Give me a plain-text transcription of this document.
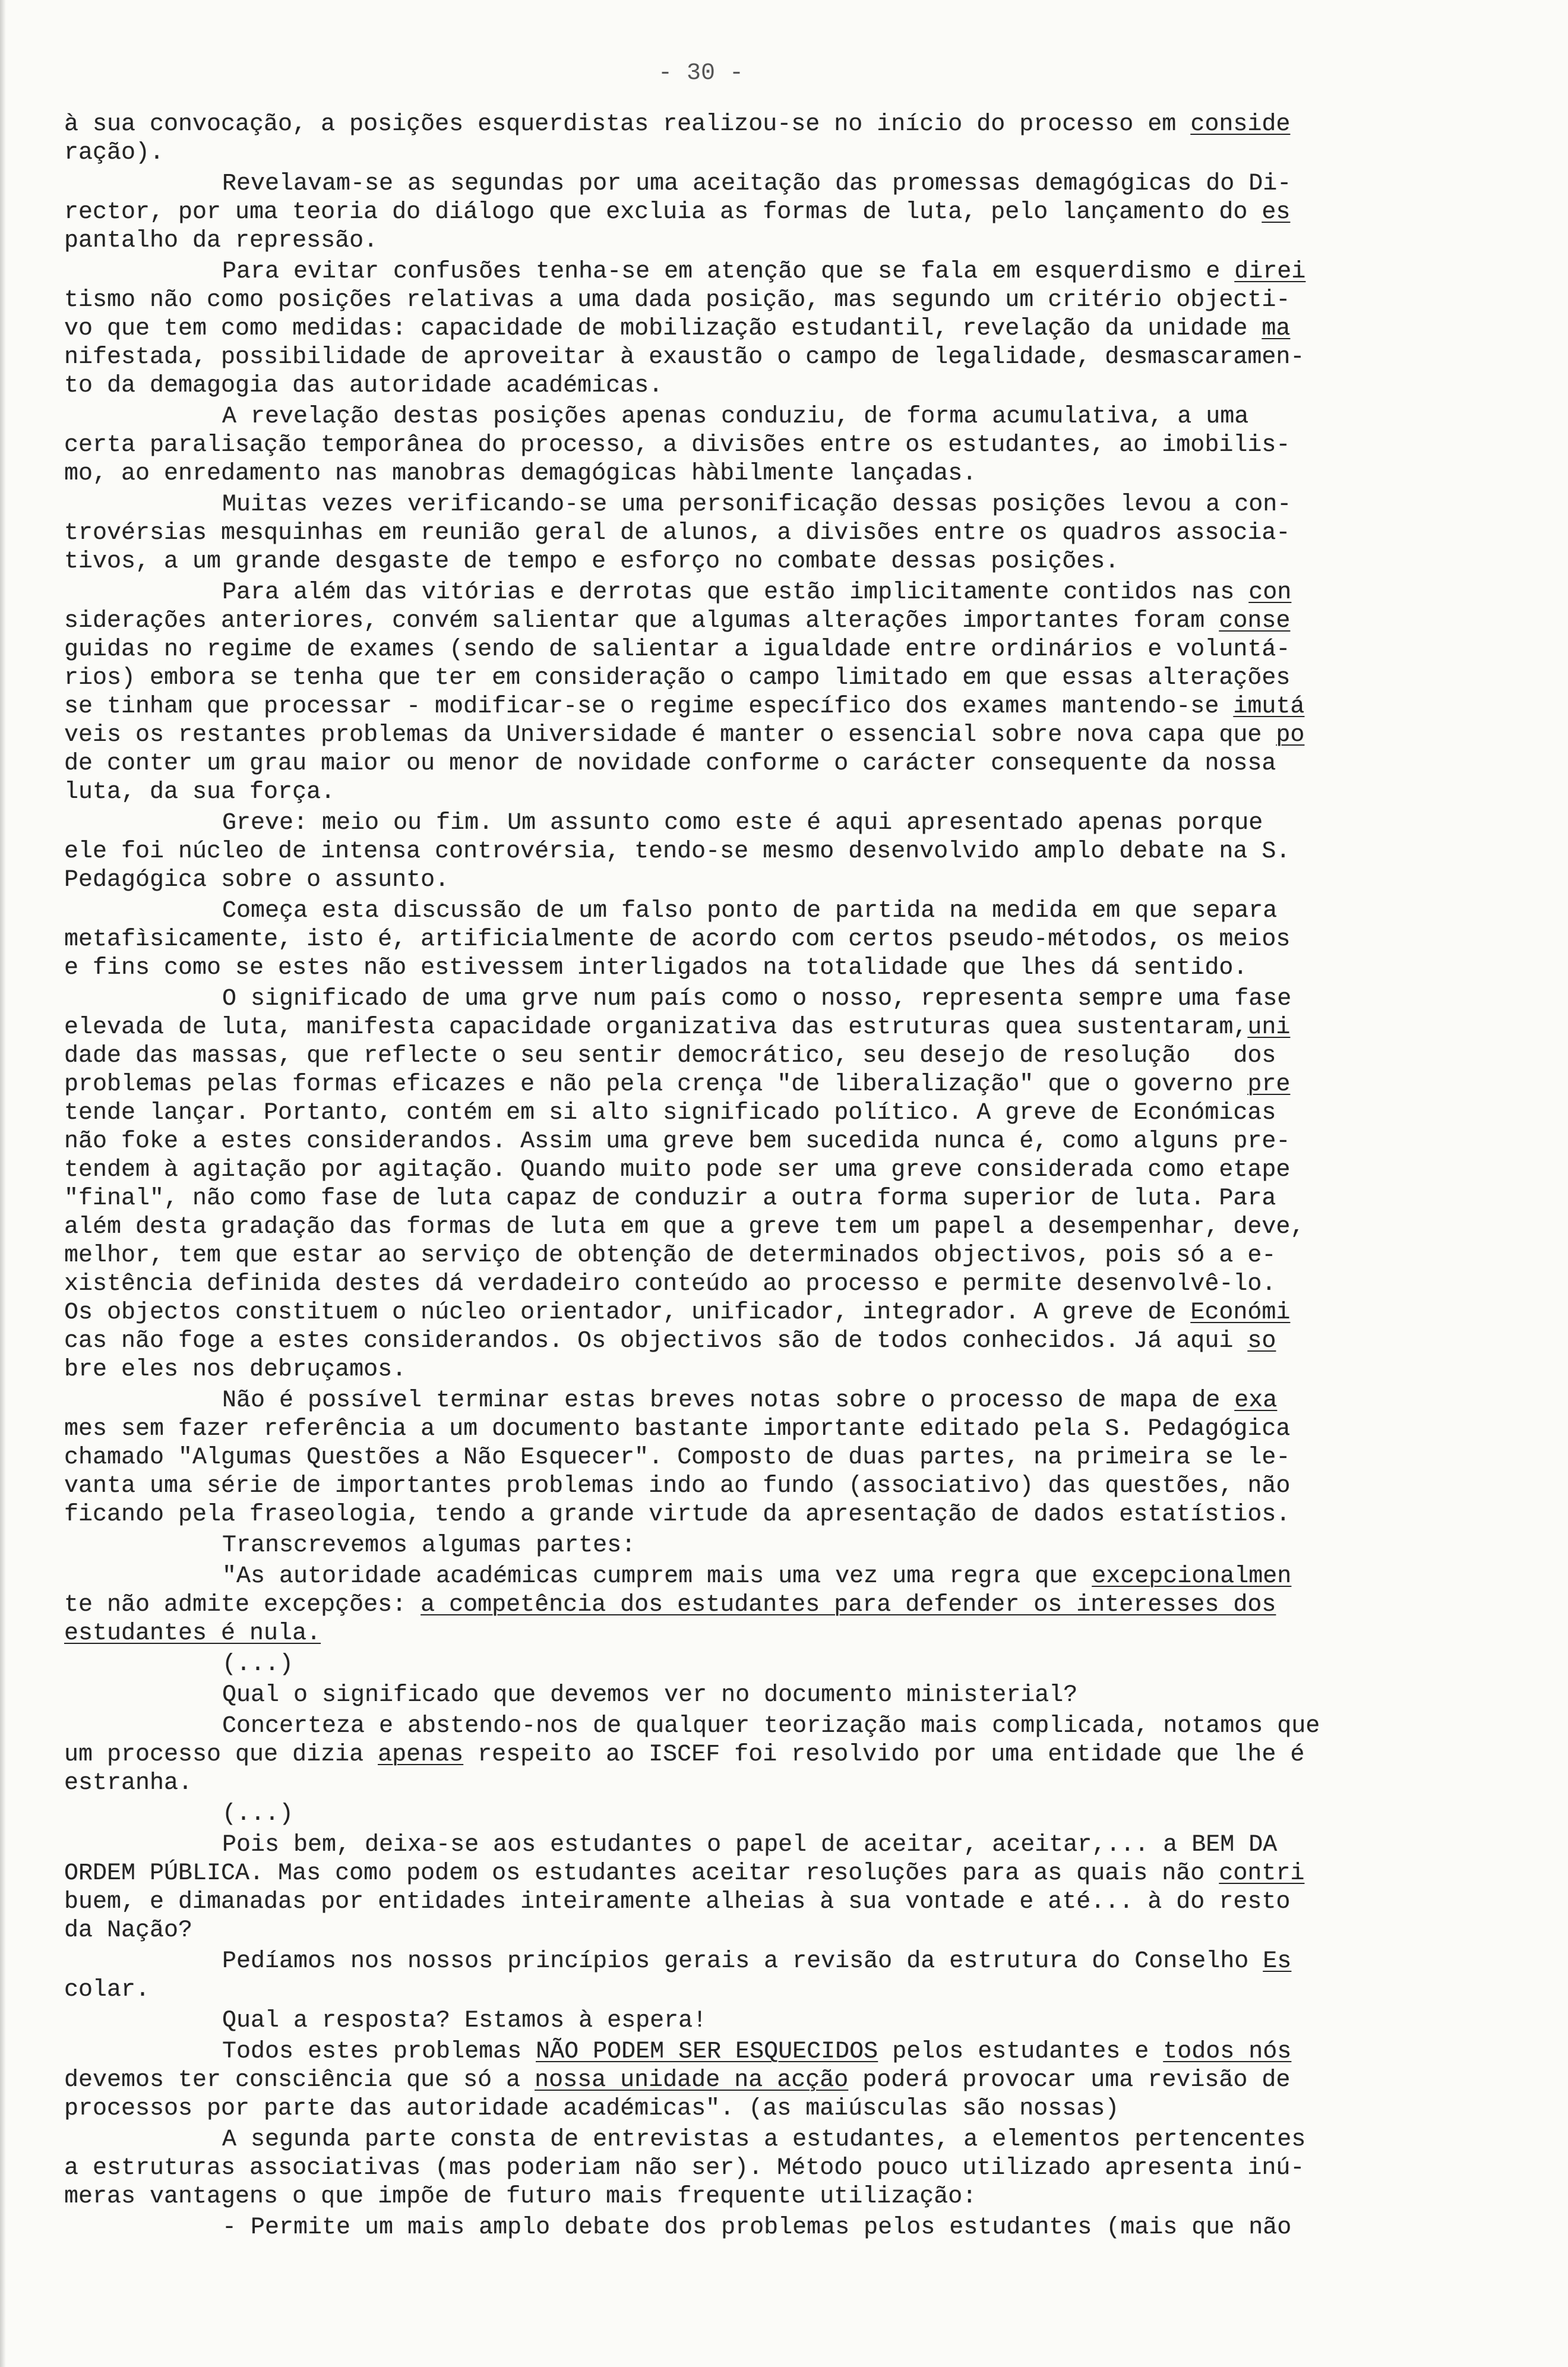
- 30 -
à sua convocação, a posições esquerdistas realizou-se no início do processo em conside
ração).
Revelavam-se as segundas por uma aceitação das promessas demagógicas do Di-
rector, por uma teoria do diálogo que excluia as formas de luta, pelo lançamento do es
pantalho da repressão.
Para evitar confusões tenha-se em atenção que se fala em esquerdismo e direi
tismo não como posições relativas a uma dada posição, mas segundo um critério objecti-
vo que tem como medidas: capacidade de mobilização estudantil, revelação da unidade ma
nifestada, possibilidade de aproveitar à exaustão o campo de legalidade, desmascaramen-
to da demagogia das autoridade académicas.
A revelação destas posições apenas conduziu, de forma acumulativa, a uma
certa paralisação temporânea do processo, a divisões entre os estudantes, ao imobilis-
mo, ao enredamento nas manobras demagógicas hàbilmente lançadas.
Muitas vezes verificando-se uma personificação dessas posições levou a con-
trovérsias mesquinhas em reunião geral de alunos, a divisões entre os quadros associa-
tivos, a um grande desgaste de tempo e esforço no combate dessas posições.
Para além das vitórias e derrotas que estão implicitamente contidos nas con
siderações anteriores, convém salientar que algumas alterações importantes foram conse
guidas no regime de exames (sendo de salientar a igualdade entre ordinários e voluntá-
rios) embora se tenha que ter em consideração o campo limitado em que essas alterações
se tinham que processar - modificar-se o regime específico dos exames mantendo-se imutá
veis os restantes problemas da Universidade é manter o essencial sobre nova capa que po
de conter um grau maior ou menor de novidade conforme o carácter consequente da nossa
luta, da sua força.
Greve: meio ou fim. Um assunto como este é aqui apresentado apenas porque
ele foi núcleo de intensa controvérsia, tendo-se mesmo desenvolvido amplo debate na S.
Pedagógica sobre o assunto.
Começa esta discussão de um falso ponto de partida na medida em que separa
metafìsicamente, isto é, artificialmente de acordo com certos pseudo-métodos, os meios
e fins como se estes não estivessem interligados na totalidade que lhes dá sentido.
O significado de uma grve num país como o nosso, representa sempre uma fase
elevada de luta, manifesta capacidade organizativa das estruturas quea sustentaram,uni
dade das massas, que reflecte o seu sentir democrático, seu desejo de resolução   dos
problemas pelas formas eficazes e não pela crença "de liberalização" que o governo pre
tende lançar. Portanto, contém em si alto significado político. A greve de Económicas
não foke a estes considerandos. Assim uma greve bem sucedida nunca é, como alguns pre-
tendem à agitação por agitação. Quando muito pode ser uma greve considerada como etape
"final", não como fase de luta capaz de conduzir a outra forma superior de luta. Para
além desta gradação das formas de luta em que a greve tem um papel a desempenhar, deve,
melhor, tem que estar ao serviço de obtenção de determinados objectivos, pois só a e-
xistência definida destes dá verdadeiro conteúdo ao processo e permite desenvolvê-lo.
Os objectos constituem o núcleo orientador, unificador, integrador. A greve de Económi
cas não foge a estes considerandos. Os objectivos são de todos conhecidos. Já aqui so
bre eles nos debruçamos.
Não é possível terminar estas breves notas sobre o processo de mapa de exa
mes sem fazer referência a um documento bastante importante editado pela S. Pedagógica
chamado "Algumas Questões a Não Esquecer". Composto de duas partes, na primeira se le-
vanta uma série de importantes problemas indo ao fundo (associativo) das questões, não
ficando pela fraseologia, tendo a grande virtude da apresentação de dados estatístios.
Transcrevemos algumas partes:
"As autoridade académicas cumprem mais uma vez uma regra que excepcionalmen
te não admite excepções: a competência dos estudantes para defender os interesses dos
estudantes é nula.
(...)
Qual o significado que devemos ver no documento ministerial?
Concerteza e abstendo-nos de qualquer teorização mais complicada, notamos que
um processo que dizia apenas respeito ao ISCEF foi resolvido por uma entidade que lhe é
estranha.
(...)
Pois bem, deixa-se aos estudantes o papel de aceitar, aceitar,... a BEM DA
ORDEM PÚBLICA. Mas como podem os estudantes aceitar resoluções para as quais não contri
buem, e dimanadas por entidades inteiramente alheias à sua vontade e até... à do resto
da Nação?
Pedíamos nos nossos princípios gerais a revisão da estrutura do Conselho Es
colar.
Qual a resposta? Estamos à espera!
Todos estes problemas NÃO PODEM SER ESQUECIDOS pelos estudantes e todos nós
devemos ter consciência que só a nossa unidade na acção poderá provocar uma revisão de
processos por parte das autoridade académicas". (as maiúsculas são nossas)
A segunda parte consta de entrevistas a estudantes, a elementos pertencentes
a estruturas associativas (mas poderiam não ser). Método pouco utilizado apresenta inú-
meras vantagens o que impõe de futuro mais frequente utilização:
- Permite um mais amplo debate dos problemas pelos estudantes (mais que não
